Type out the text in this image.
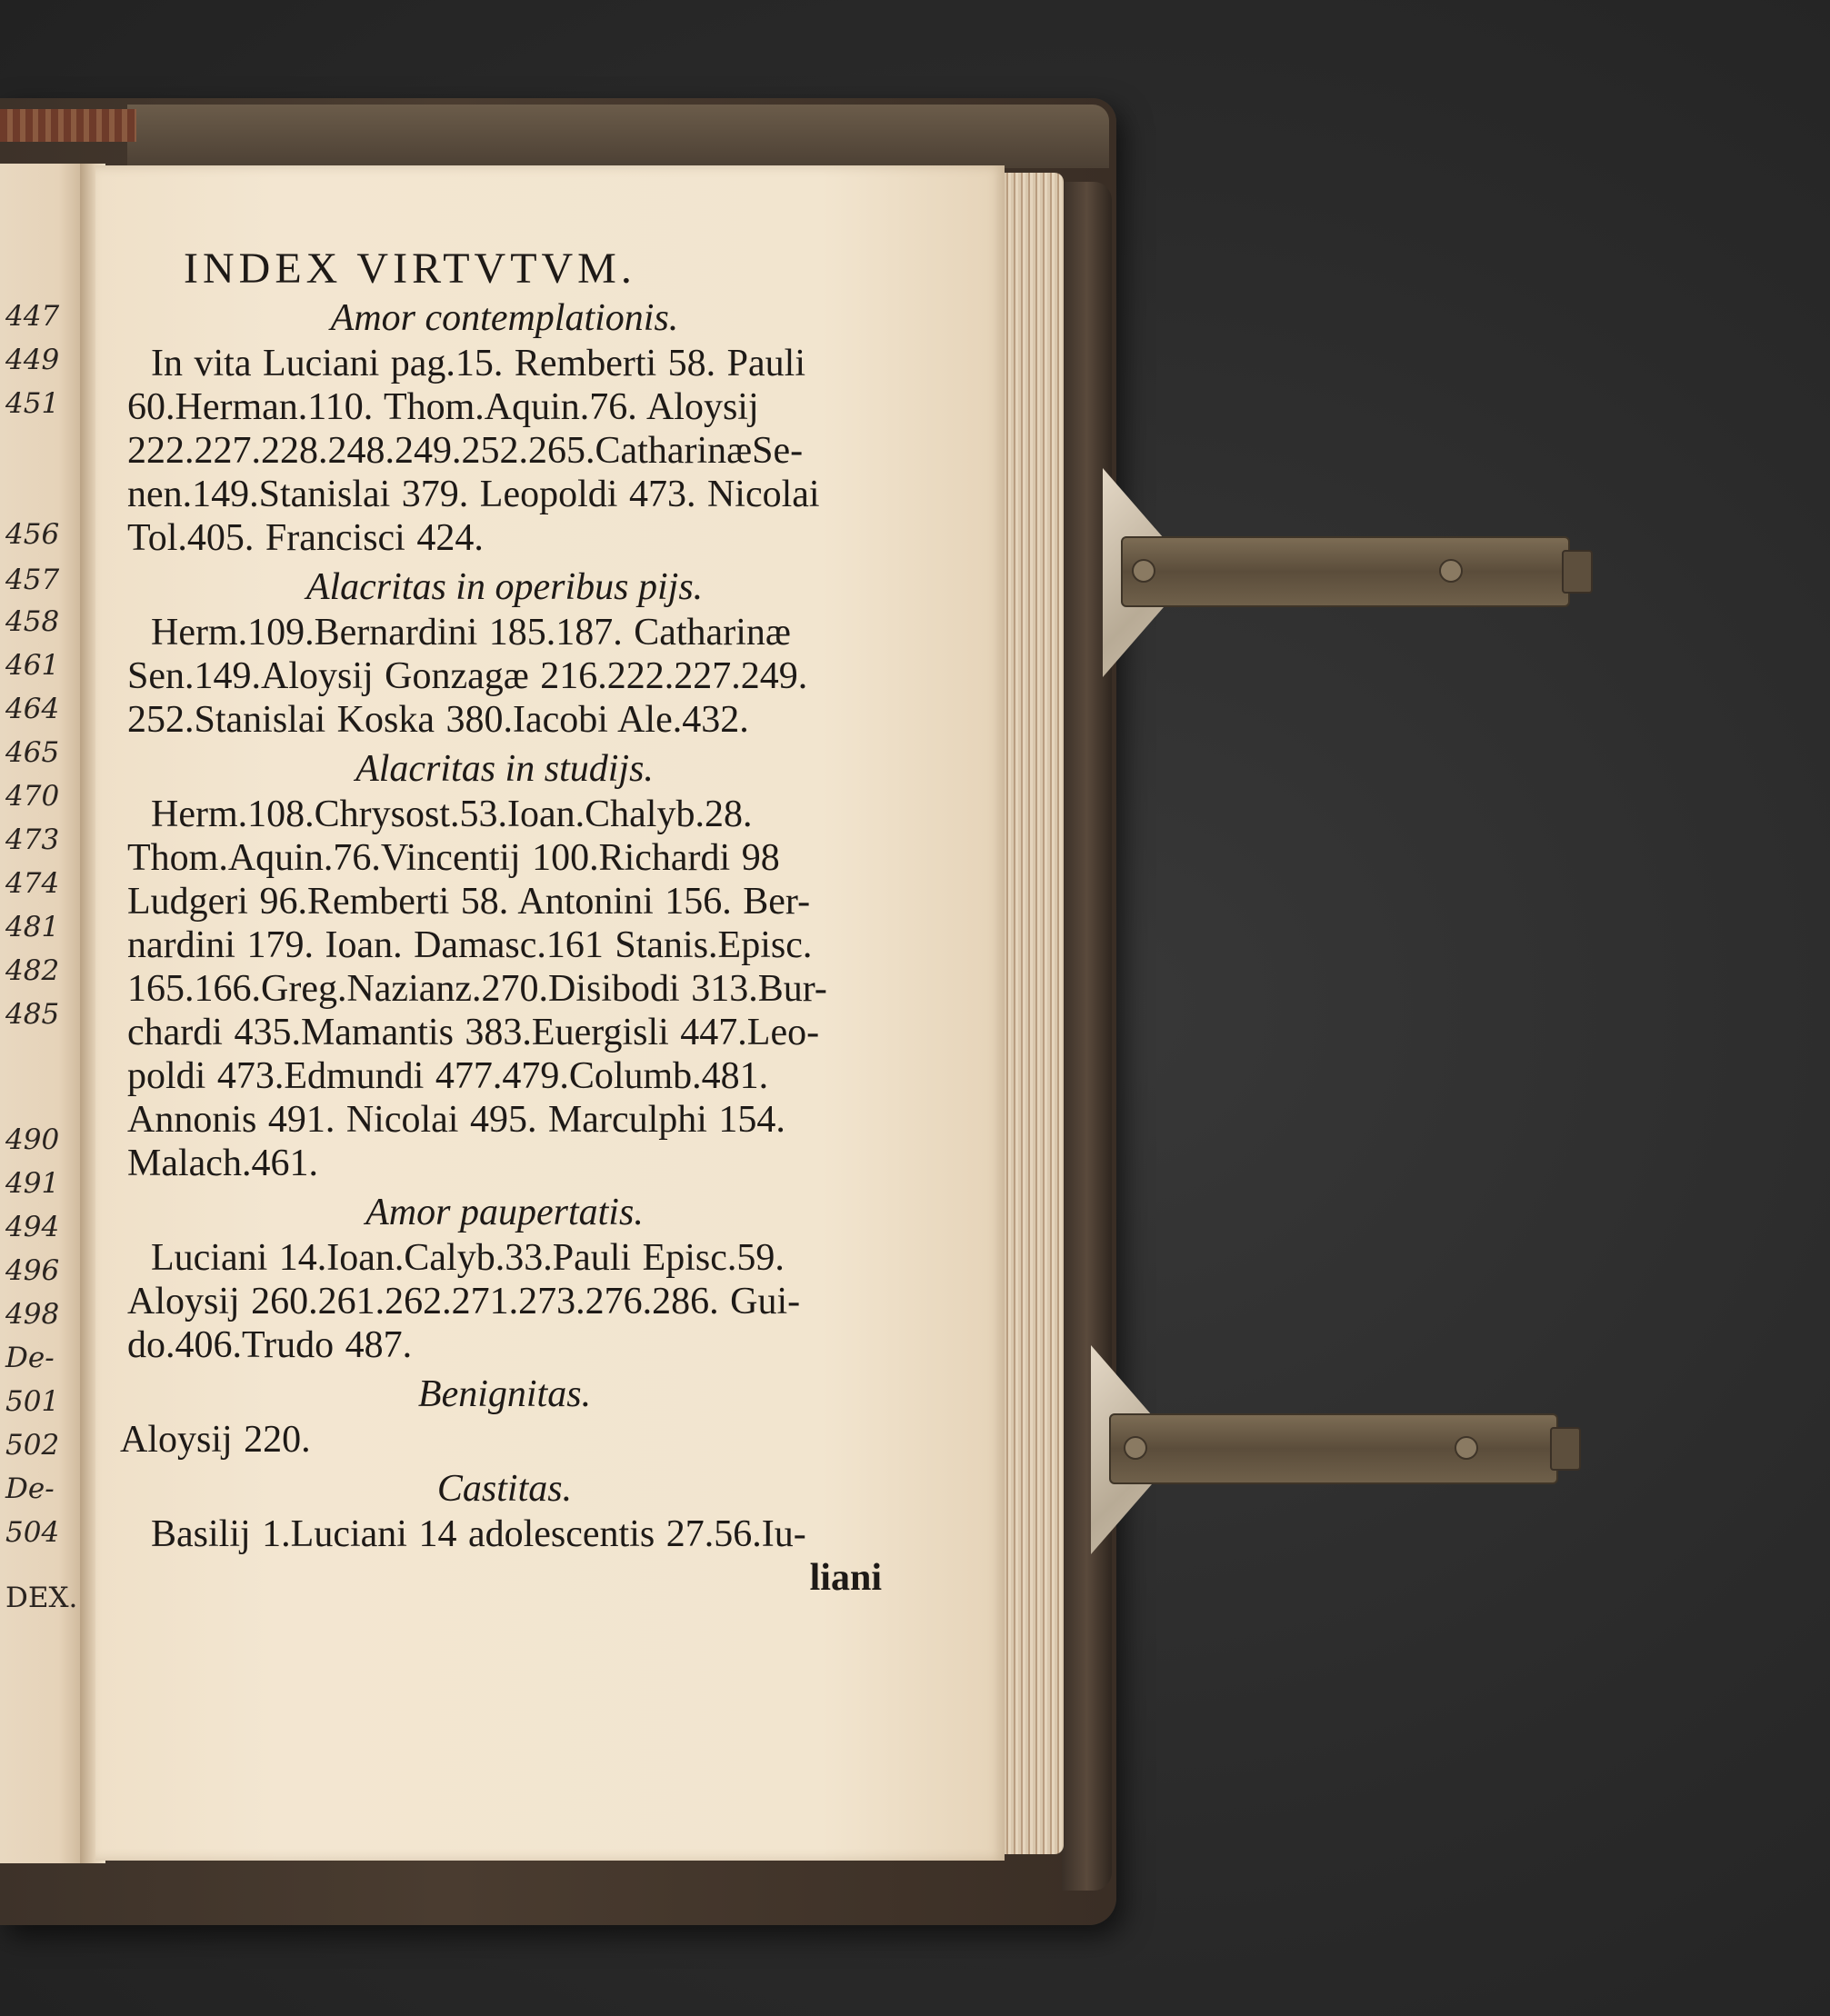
447
449
451
456
457
458
461
464
465
470
473
474
481
482
485
490
491
494
496
498
De-
501
502
De-
504
DEX.
INDEX VIRTVTVM.
Amor contemplationis.

In vita Luciani pag.15. Remberti 58. Pauli

60.Herman.110. Thom.Aquin.76. Aloysij

222.227.228.248.249.252.265.CatharinæSe-

nen.149.Stanislai 379. Leopoldi 473. Nicolai

Tol.405. Francisci 424.

Alacritas in operibus pijs.

Herm.109.Bernardini 185.187. Catharinæ

Sen.149.Aloysij Gonzagæ 216.222.227.249.

252.Stanislai Koska 380.Iacobi Ale.432.

Alacritas in studijs.

Herm.108.Chrysost.53.Ioan.Chalyb.28.

Thom.Aquin.76.Vincentij 100.Richardi 98

Ludgeri 96.Remberti 58. Antonini 156. Ber-

nardini 179. Ioan. Damasc.161 Stanis.Episc.

165.166.Greg.Nazianz.270.Disibodi 313.Bur-

chardi 435.Mamantis 383.Euergisli 447.Leo-

poldi 473.Edmundi 477.479.Columb.481.

Annonis 491. Nicolai 495. Marculphi 154.

Malach.461.

Amor paupertatis.

Luciani 14.Ioan.Calyb.33.Pauli Episc.59.

Aloysij 260.261.262.271.273.276.286. Gui-

do.406.Trudo 487.

Benignitas.

Aloysij 220.

Castitas.

Basilij 1.Luciani 14 adolescentis 27.56.Iu-

liani
